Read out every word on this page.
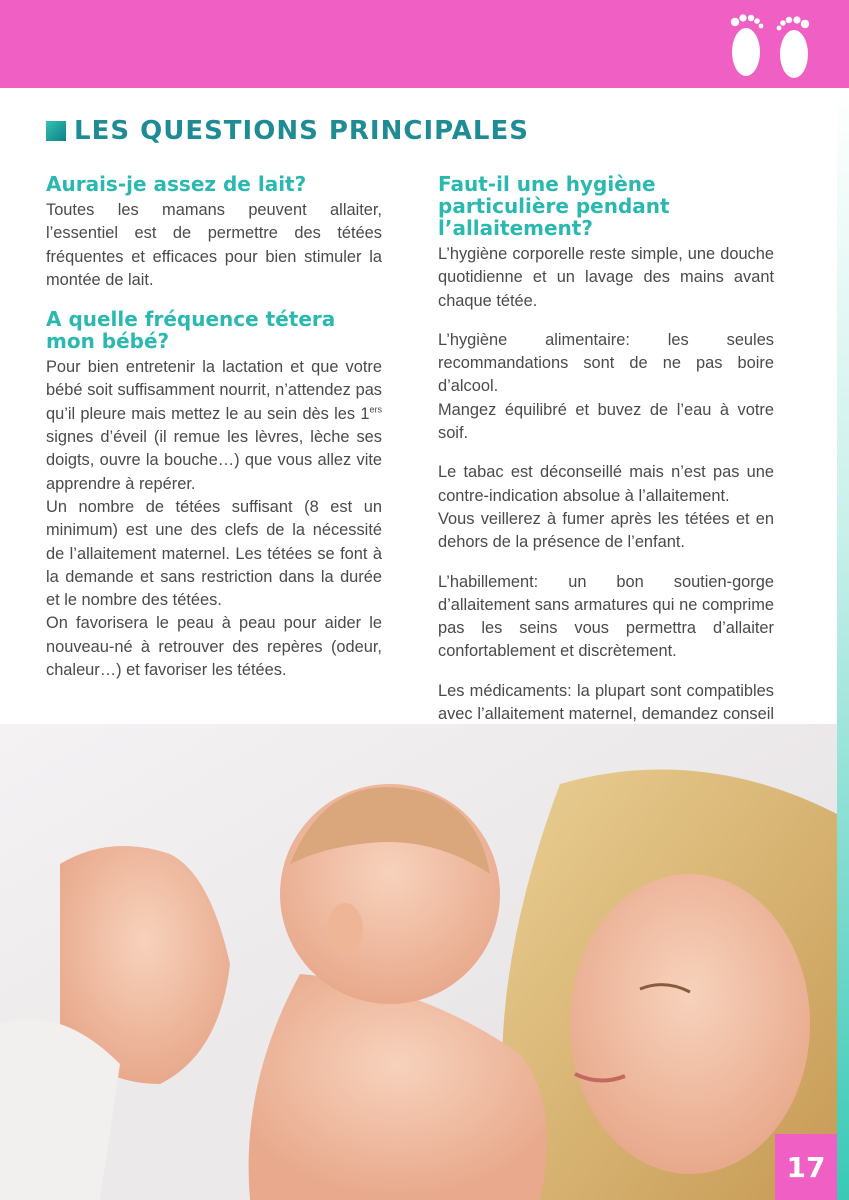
LES QUESTIONS PRINCIPALES

Aurais-je assez de lait?

Toutes les mamans peuvent allaiter, l’essentiel est de permettre des tétées fréquentes et efficaces pour bien stimuler la montée de lait.

A quelle fréquence tétera mon bébé?

Pour bien entretenir la lactation et que votre bébé soit suffisamment nourrit, n’attendez pas qu’il pleure mais mettez le au sein dès les 1ers signes d’éveil (il remue les lèvres, lèche ses doigts, ouvre la bouche…) que vous allez vite apprendre à repérer.

Un nombre de tétées suffisant (8 est un minimum) est une des clefs de la nécessité de l’allaitement maternel. Les tétées se font à la demande et sans restriction dans la durée et le nombre des tétées.

On favorisera le peau à peau pour aider le nouveau-né à retrouver des repères (odeur, chaleur…) et favoriser les tétées.

Faut-il une hygiène particulière pendant l’allaitement?

L’hygiène corporelle reste simple, une douche quotidienne et un lavage des mains avant chaque tétée.

L’hygiène alimentaire: les seules recommandations sont de ne pas boire d’alcool.

Mangez équilibré et buvez de l’eau à votre soif.

Le tabac est déconseillé mais n’est pas une contre-indication absolue à l’allaitement.

Vous veillerez à fumer après les tétées et en dehors de la présence de l’enfant.

L’habillement: un bon soutien-gorge d’allaitement sans armatures qui ne comprime pas les seins vous permettra d’allaiter confortablement et discrètement.

Les médicaments: la plupart sont compatibles avec l’allaitement maternel, demandez conseil

17
